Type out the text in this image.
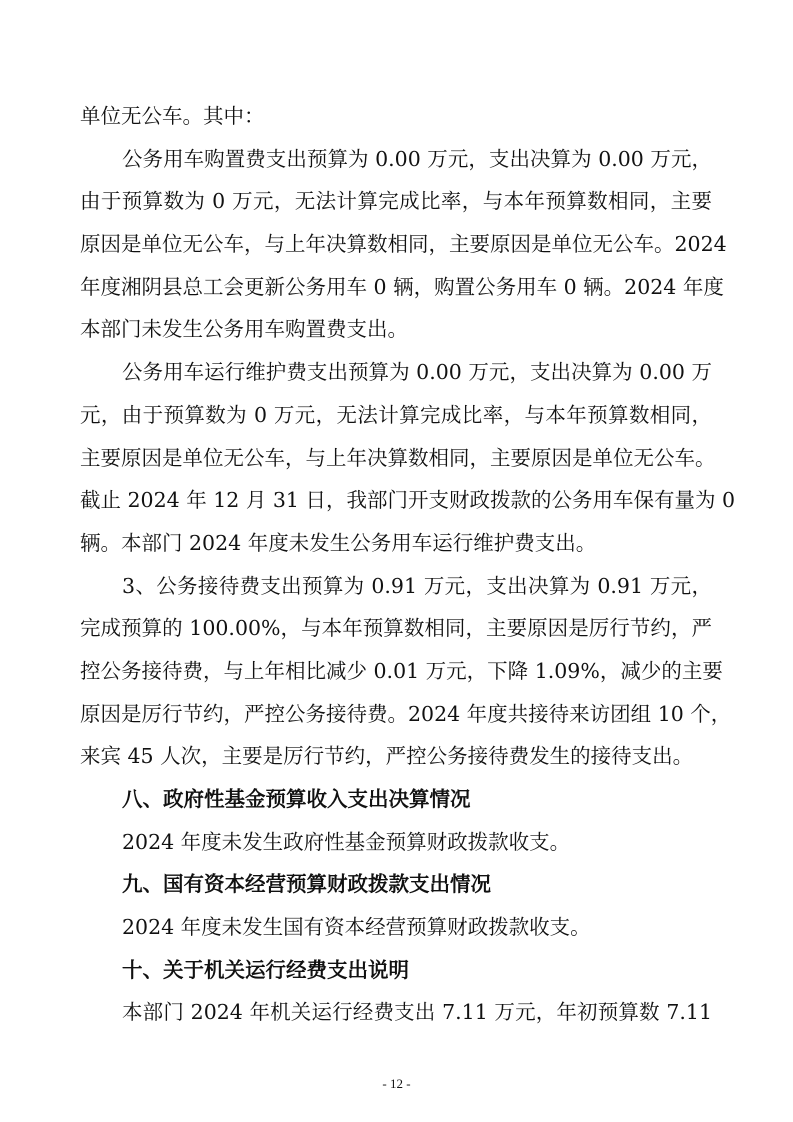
单位无公车。其中：
公务用车购置费支出预算为 0.00 万元，支出决算为 0.00 万元，
由于预算数为 0 万元，无法计算完成比率，与本年预算数相同，主要
原因是单位无公车，与上年决算数相同，主要原因是单位无公车。2024
年度湘阴县总工会更新公务用车 0 辆，购置公务用车 0 辆。2024 年度
本部门未发生公务用车购置费支出。
公务用车运行维护费支出预算为 0.00 万元，支出决算为 0.00 万
元，由于预算数为 0 万元，无法计算完成比率，与本年预算数相同，
主要原因是单位无公车，与上年决算数相同，主要原因是单位无公车。
截止 2024 年 12 月 31 日，我部门开支财政拨款的公务用车保有量为 0
辆。本部门 2024 年度未发生公务用车运行维护费支出。
3、公务接待费支出预算为 0.91 万元，支出决算为 0.91 万元，
完成预算的 100.00%，与本年预算数相同，主要原因是厉行节约，严
控公务接待费，与上年相比减少 0.01 万元，下降 1.09%，减少的主要
原因是厉行节约，严控公务接待费。2024 年度共接待来访团组 10 个，
来宾 45 人次，主要是厉行节约，严控公务接待费发生的接待支出。
八、政府性基金预算收入支出决算情况
2024 年度未发生政府性基金预算财政拨款收支。
九、国有资本经营预算财政拨款支出情况
2024 年度未发生国有资本经营预算财政拨款收支。
十、关于机关运行经费支出说明
本部门 2024 年机关运行经费支出 7.11 万元，年初预算数 7.11
- 12 -
